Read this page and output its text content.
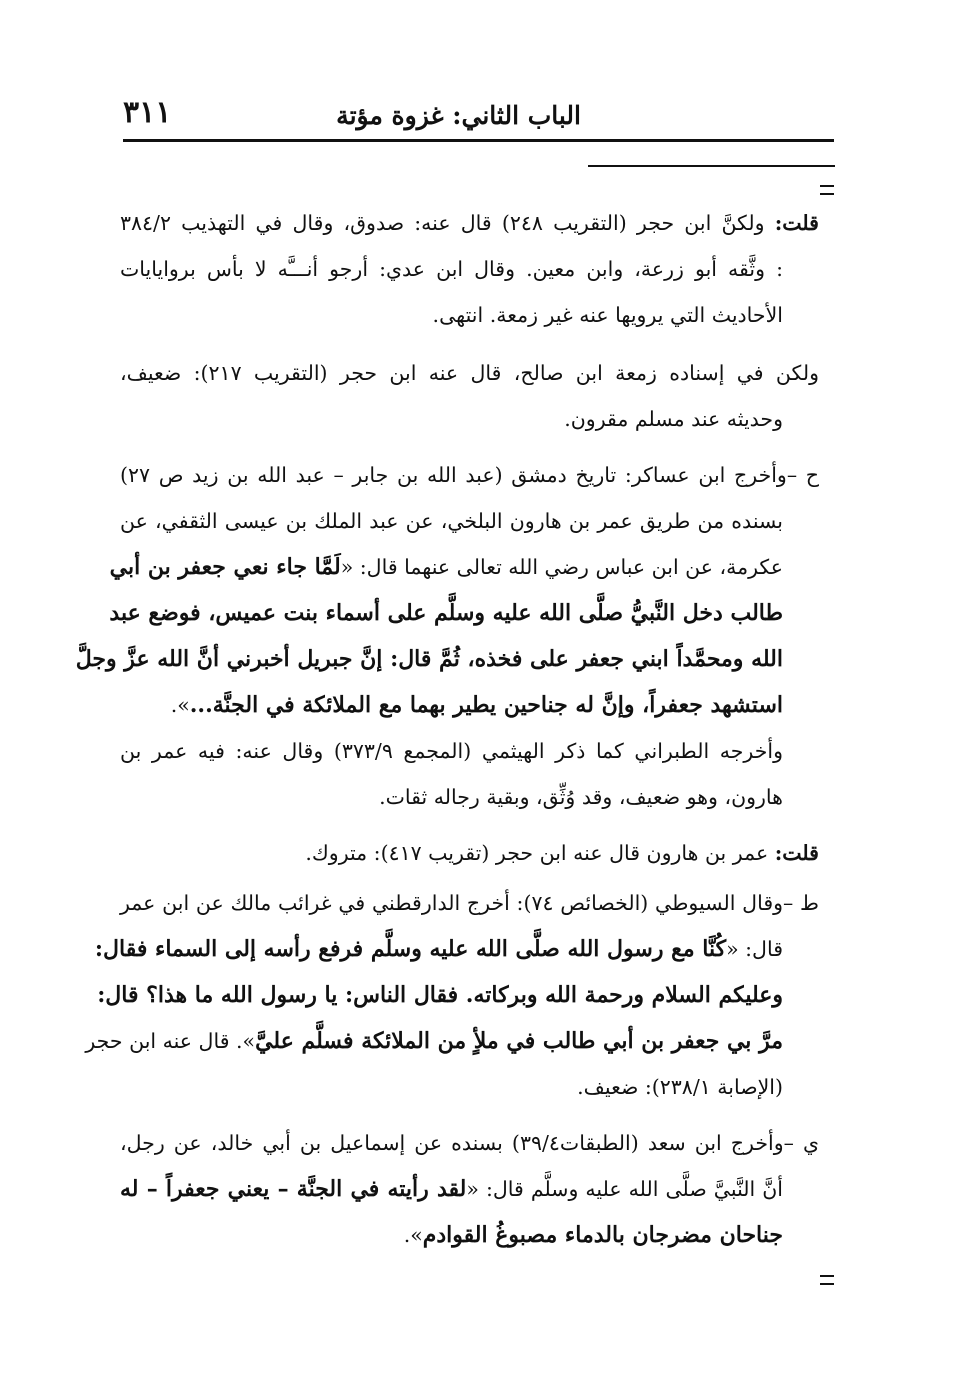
الباب الثاني: غزوة مؤتة
٣١١
قلت: ولكنَّ ابن حجر (التقريب ٢٤٨) قال عنه: صدوق، وقال في التهذيب ٣٨٤/٢
: وثَّقه أبو زرعة، وابن معين. وقال ابن عدي: أرجو أنـــَّه لا بأس بروايايات
الأحاديث التي يرويها عنه غير زمعة. انتهى.
ولكن في إسناده زمعة ابن صالح، قال عنه ابن حجر (التقريب ٢١٧): ضعيف،
وحديثه عند مسلم مقرون.
ح –وأخرج ابن عساكر: تاريخ دمشق (عبد الله بن جابر – عبد الله بن زيد ص ٢٧)
بسنده من طريق عمر بن هارون البلخي، عن عبد الملك بن عيسى الثقفي، عن
عكرمة، عن ابن عباس رضي الله تعالى عنهما قال: «لَمَّا جاء نعي جعفر بن أبي
طالب دخل النَّبيُّ صلَّى الله عليه وسلَّم على أسماء بنت عميس، فوضع عبد
الله ومحمَّداً ابني جعفر على فخذه، ثُمَّ قال: إنَّ جبريل أخبرني أنَّ الله عزَّ وجلَّ
استشهد جعفراً، وإنَّ له جناحين يطير بهما مع الملائكة في الجنَّة...».
وأخرجه الطبراني كما ذكر الهيثمي (المجمع ٣٧٣/٩) وقال عنه: فيه عمر بن
هارون، وهو ضعيف، وقد وُثِّق، وبقية رجاله ثقات.
قلت: عمر بن هارون قال عنه ابن حجر (تقريب ٤١٧): متروك.
ط –وقال السيوطي (الخصائص ٧٤): أخرج الدارقطني في غرائب مالك عن ابن عمر
قال: «كُنَّا مع رسول الله صلَّى الله عليه وسلَّم فرفع رأسه إلى السماء فقال:
وعليكم السلام ورحمة الله وبركاته. فقال الناس: يا رسول الله ما هذا؟ قال:
مرَّ بي جعفر بن أبي طالب في ملأٍ من الملائكة فسلَّم عليَّ». قال عنه ابن حجر
(الإصابة ٢٣٨/١): ضعيف.
ي –وأخرج ابن سعد (الطبقات٣٩/٤) بسنده عن إسماعيل بن أبي خالد، عن رجل،
أنَّ النَّبيَّ صلَّى الله عليه وسلَّم قال: «لقد رأيته في الجنَّة – يعني جعفراً – له
جناحان مضرجان بالدماء مصبوغُ القوادم».
